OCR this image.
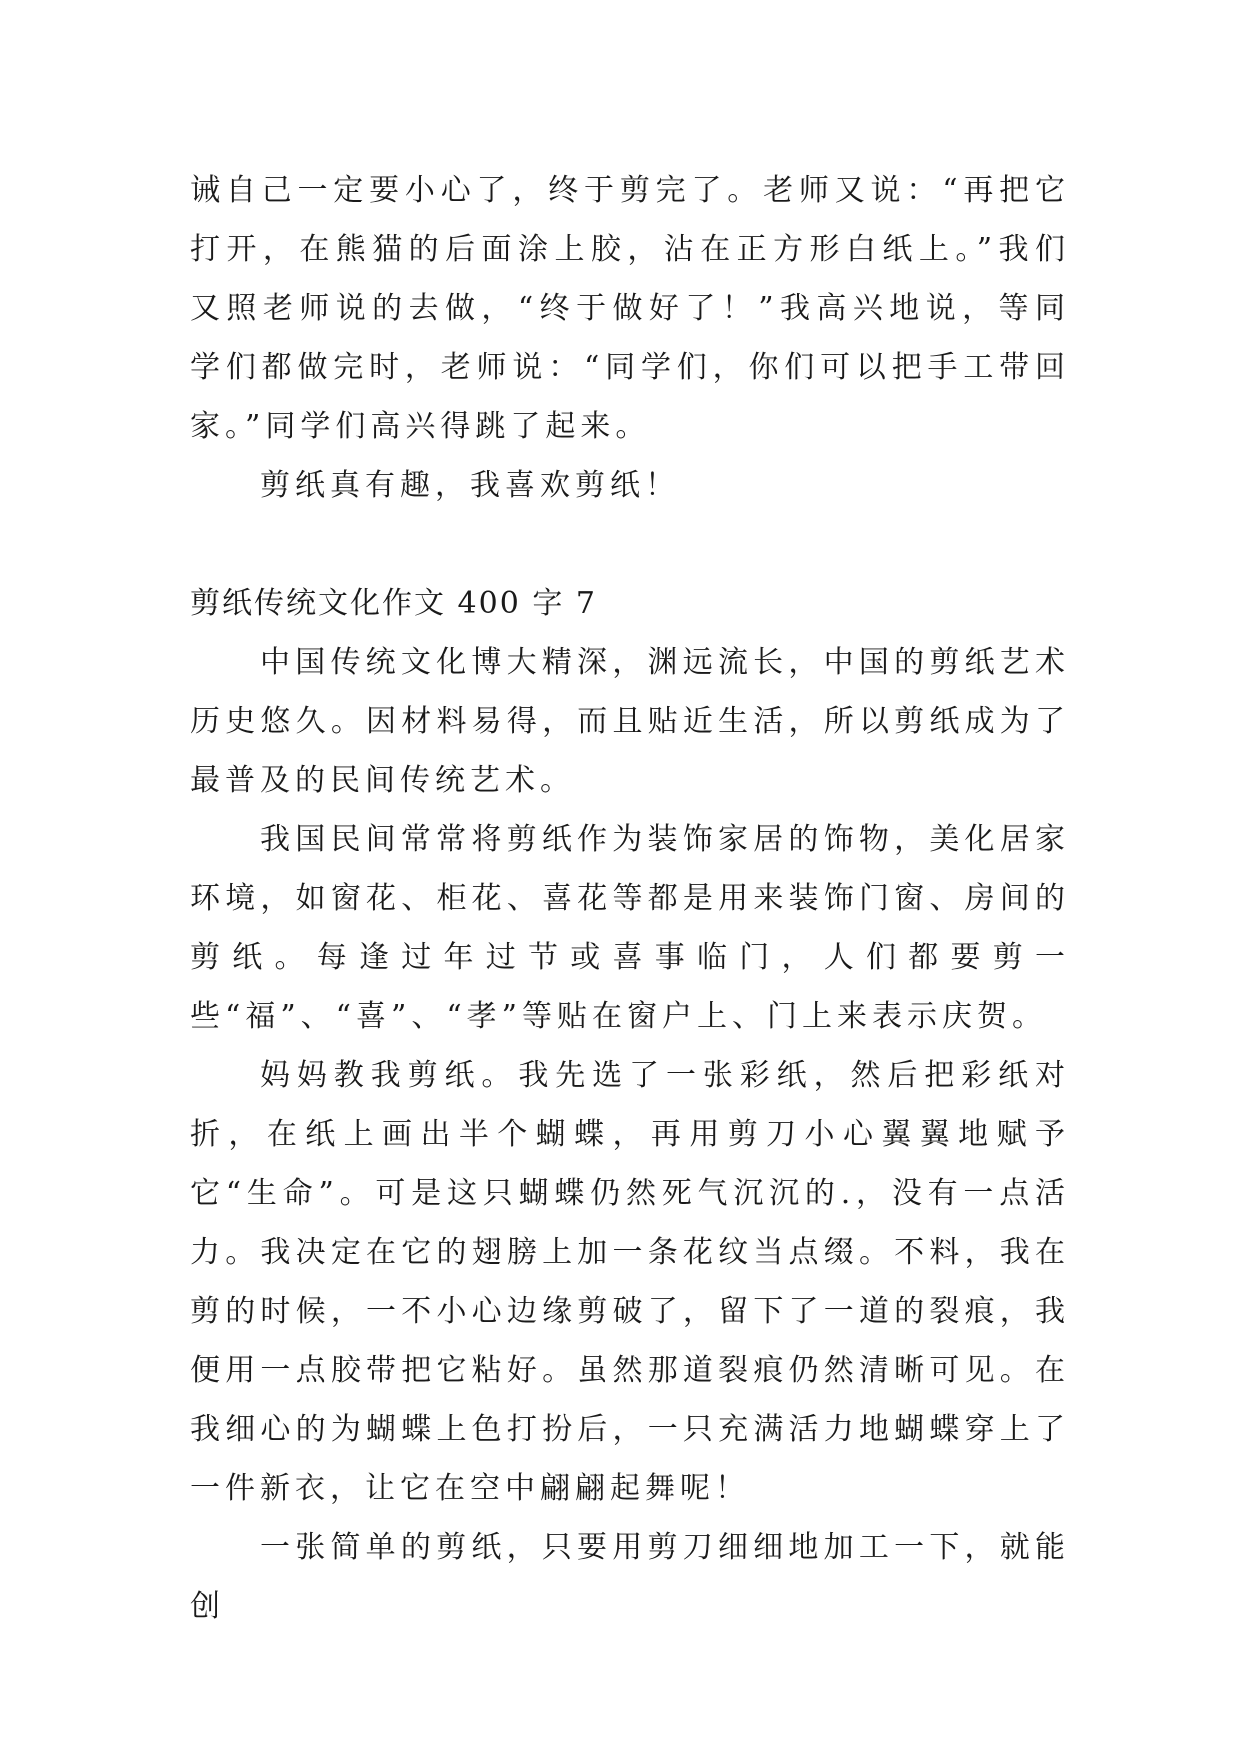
诫自己一定要小心了，终于剪完了。老师又说：“再把它打开，在熊猫的后面涂上胶，沾在正方形白纸上。”我们又照老师说的去做，“终于做好了！”我高兴地说，等同学们都做完时，老师说：“同学们，你们可以把手工带回家。”同学们高兴得跳了起来。

剪纸真有趣，我喜欢剪纸！

剪纸传统文化作文 400 字 7

中国传统文化博大精深，渊远流长，中国的剪纸艺术历史悠久。因材料易得，而且贴近生活，所以剪纸成为了最普及的民间传统艺术。

我国民间常常将剪纸作为装饰家居的饰物，美化居家环境，如窗花、柜花、喜花等都是用来装饰门窗、房间的剪纸。每逢过年过节或喜事临门，人们都要剪一些“福”、“喜”、“孝”等贴在窗户上、门上来表示庆贺。

妈妈教我剪纸。我先选了一张彩纸，然后把彩纸对折，在纸上画出半个蝴蝶，再用剪刀小心翼翼地赋予它“生命”。可是这只蝴蝶仍然死气沉沉的.，没有一点活力。我决定在它的翅膀上加一条花纹当点缀。不料，我在剪的时候，一不小心边缘剪破了，留下了一道的裂痕，我便用一点胶带把它粘好。虽然那道裂痕仍然清晰可见。在我细心的为蝴蝶上色打扮后，一只充满活力地蝴蝶穿上了一件新衣，让它在空中翩翩起舞呢！

一张简单的剪纸，只要用剪刀细细地加工一下，就能创
